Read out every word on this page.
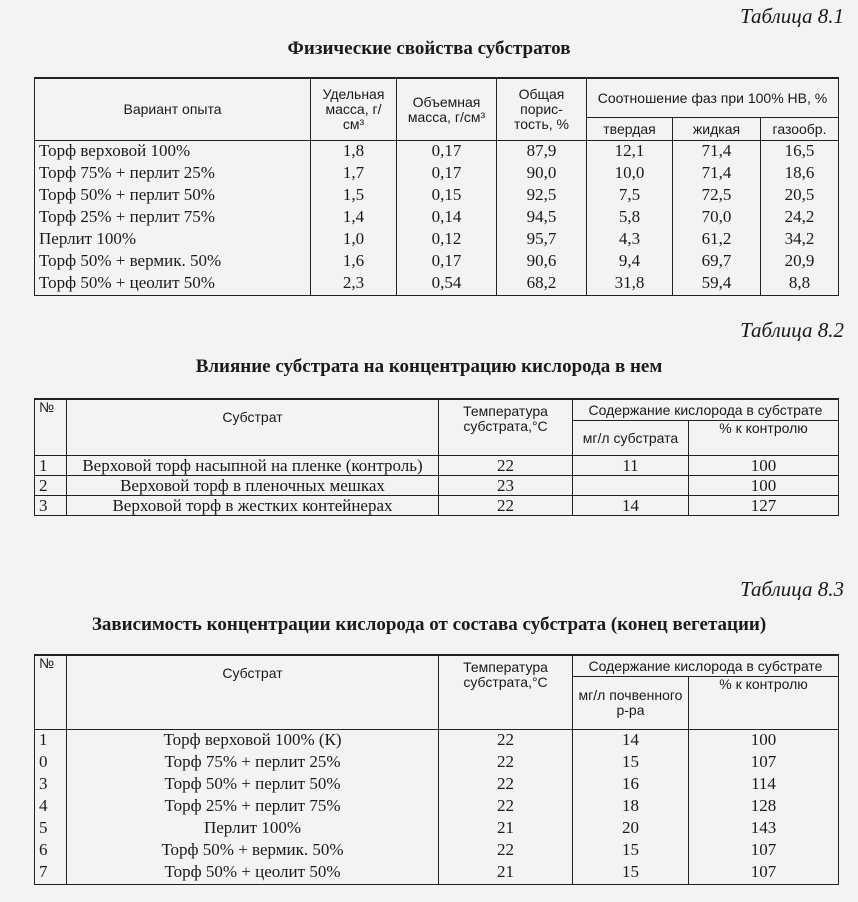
Таблица 8.1
Физические свойства субстратов
Вариант опыта	Удельная масса, г/см³	Объемная масса, г/см³	Общая порис-тость, %	Соотношение фаз при 100% НВ, %		
				твердая	жидкая	газообр.
Торф верховой 100%	1,8	0,17	87,9	12,1	71,4	16,5
Торф 75% + перлит 25%	1,7	0,17	90,0	10,0	71,4	18,6
Торф 50% + перлит 50%	1,5	0,15	92,5	7,5	72,5	20,5
Торф 25% + перлит 75%	1,4	0,14	94,5	5,8	70,0	24,2
Перлит 100%	1,0	0,12	95,7	4,3	61,2	34,2
Торф 50% + вермик. 50%	1,6	0,17	90,6	9,4	69,7	20,9
Торф 50% + цеолит 50%	2,3	0,54	68,2	31,8	59,4	8,8
Таблица 8.2
Влияние субстрата на концентрацию кислорода в нем
№	Субстрат	Температура субстрата,°С	Содержание кислорода в субстрате	
			мг/л субстрата	% к контролю
1	Верховой торф насыпной на пленке (контроль)	22	11	100
2	Верховой торф в пленочных мешках	23		100
3	Верховой торф в жестких контейнерах	22	14	127
Таблица 8.3
Зависимость концентрации кислорода от состава субстрата (конец вегетации)
№	Субстрат	Температура субстрата,°С	Содержание кислорода в субстрате	
			мг/л почвенного р-ра	% к контролю
1	Торф верховой 100% (К)	22	14	100
0	Торф 75% + перлит 25%	22	15	107
3	Торф 50% + перлит 50%	22	16	114
4	Торф 25% + перлит 75%	22	18	128
5	Перлит 100%	21	20	143
6	Торф 50% + вермик. 50%	22	15	107
7	Торф 50% + цеолит 50%	21	15	107
